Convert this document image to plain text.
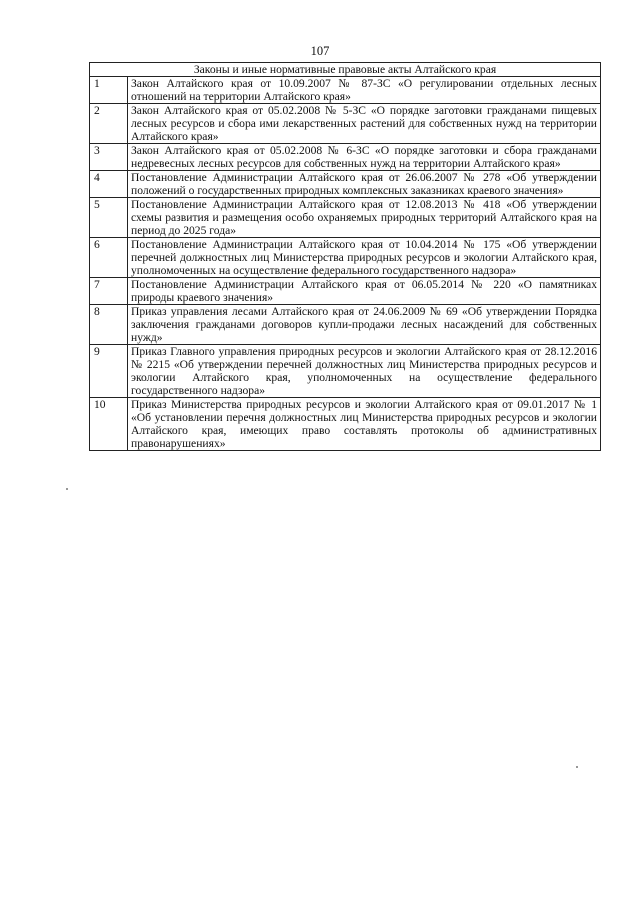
107
Законы и иные нормативные правовые акты Алтайского края	
1	Закон Алтайского края от 10.09.2007 № 87-ЗС «О регулировании отдельных лесных отношений на территории Алтайского края»
2	Закон Алтайского края от 05.02.2008 № 5-ЗС «О порядке заготовки гражданами пищевых лесных ресурсов и сбора ими лекарственных растений для собственных нужд на территории Алтайского края»
3	Закон Алтайского края от 05.02.2008 № 6-ЗС «О порядке заготовки и сбора гражданами недревесных лесных ресурсов для собственных нужд на территории Алтайского края»
4	Постановление Администрации Алтайского края от 26.06.2007 № 278 «Об утверждении положений о государственных природных комплексных заказниках краевого значения»
5	Постановление Администрации Алтайского края от 12.08.2013 № 418 «Об утверждении схемы развития и размещения особо охраняемых природных территорий Алтайского края на период до 2025 года»
6	Постановление Администрации Алтайского края от 10.04.2014 № 175 «Об утверждении перечней должностных лиц Министерства природных ресурсов и экологии Алтайского края, уполномоченных на осуществление федерального государственного надзора»
7	Постановление Администрации Алтайского края от 06.05.2014 № 220 «О памятниках природы краевого значения»
8	Приказ управления лесами Алтайского края от 24.06.2009 № 69 «Об утверждении Порядка заключения гражданами договоров купли-продажи лесных насаждений для собственных нужд»
9	Приказ Главного управления природных ресурсов и экологии Алтайского края от 28.12.2016 № 2215 «Об утверждении перечней должностных лиц Министерства природных ресурсов и экологии Алтайского края, уполномоченных на осуществление федерального государственного надзора»
10	Приказ Министерства природных ресурсов и экологии Алтайского края от 09.01.2017 № 1 «Об установлении перечня должностных лиц Министерства природных ресурсов и экологии Алтайского края, имеющих право составлять протоколы об административных правонарушениях»
